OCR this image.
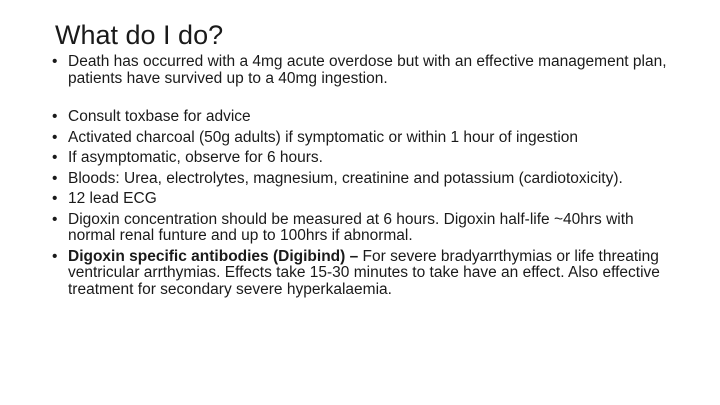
What do I do?
• Death has occurred with a 4mg acute overdose but with an effective management plan, patients have survived up to a 40mg ingestion.
• Consult toxbase for advice
• Activated charcoal (50g adults) if symptomatic or within 1 hour of ingestion
• If asymptomatic, observe for 6 hours.
• Bloods: Urea, electrolytes, magnesium, creatinine and potassium (cardiotoxicity).
• 12 lead ECG
• Digoxin concentration should be measured at 6 hours. Digoxin half-life ~40hrs with normal renal funture and up to 100hrs if abnormal.
• Digoxin specific antibodies (Digibind) – For severe bradyarrthymias or life threating ventricular arrthymias. Effects take 15-30 minutes to take have an effect. Also effective treatment for secondary severe hyperkalaemia.
